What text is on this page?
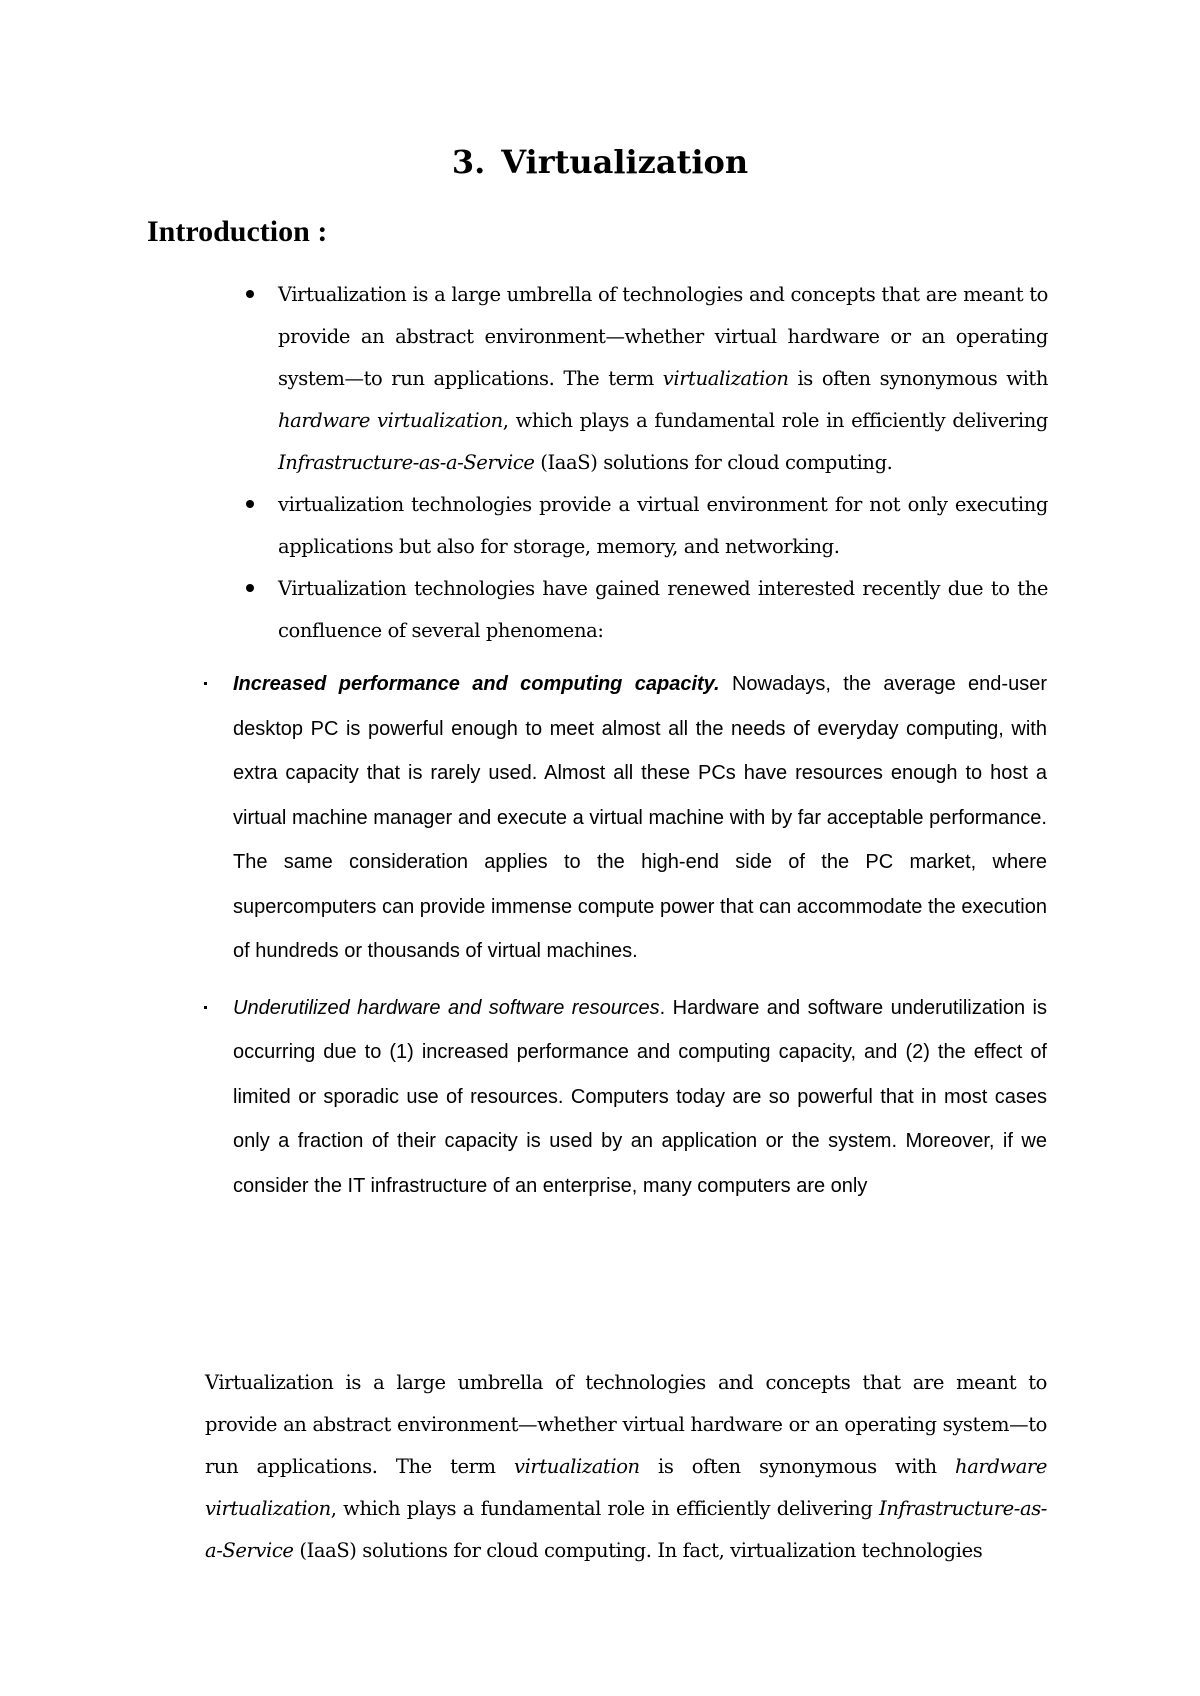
3. Virtualization
Introduction :
Virtualization is a large umbrella of technologies and concepts that are meant to provide an abstract environment—whether virtual hardware or an operating system—to run applications. The term virtualization is often synonymous with hardware virtualization, which plays a fundamental role in efficiently delivering Infrastructure-as-a-Service (IaaS) solutions for cloud computing.
virtualization technologies provide a virtual environment for not only executing applications but also for storage, memory, and networking.
Virtualization technologies have gained renewed interested recently due to the confluence of several phenomena:
Increased performance and computing capacity. Nowadays, the average end-user desktop PC is powerful enough to meet almost all the needs of everyday computing, with extra capacity that is rarely used. Almost all these PCs have resources enough to host a virtual machine manager and execute a virtual machine with by far acceptable performance. The same consideration applies to the high-end side of the PC market, where supercomputers can provide immense compute power that can accommodate the execution of hundreds or thousands of virtual machines.
Underutilized hardware and software resources. Hardware and software underutilization is occurring due to (1) increased performance and computing capacity, and (2) the effect of limited or sporadic use of resources. Computers today are so powerful that in most cases only a fraction of their capacity is used by an application or the system. Moreover, if we consider the IT infrastructure of an enterprise, many computers are only

Virtualization is a large umbrella of technologies and concepts that are meant to provide an abstract environment—whether virtual hardware or an operating system—to run applications. The term virtualization is often synonymous with hardware virtualization, which plays a fundamental role in efficiently delivering Infrastructure-as-a-Service (IaaS) solutions for cloud computing. In fact, virtualization technologies
